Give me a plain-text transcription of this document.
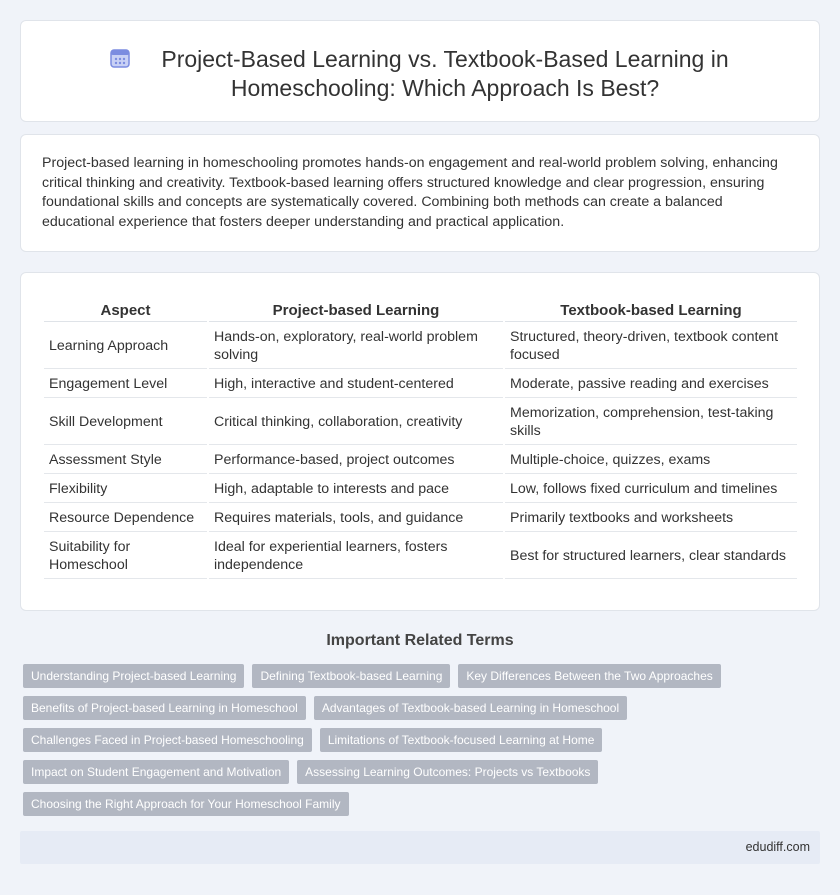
Project-Based Learning vs. Textbook-Based Learning in Homeschooling: Which Approach Is Best?

Project-based learning in homeschooling promotes hands-on engagement and real-world problem solving, enhancing critical thinking and creativity. Textbook-based learning offers structured knowledge and clear progression, ensuring foundational skills and concepts are systematically covered. Combining both methods can create a balanced educational experience that fosters deeper understanding and practical application.

Aspect	Project-based Learning	Textbook-based Learning
Learning Approach	Hands-on, exploratory, real-world problem solving	Structured, theory-driven, textbook content focused
Engagement Level	High, interactive and student-centered	Moderate, passive reading and exercises
Skill Development	Critical thinking, collaboration, creativity	Memorization, comprehension, test-taking skills
Assessment Style	Performance-based, project outcomes	Multiple-choice, quizzes, exams
Flexibility	High, adaptable to interests and pace	Low, follows fixed curriculum and timelines
Resource Dependence	Requires materials, tools, and guidance	Primarily textbooks and worksheets
Suitability for Homeschool	Ideal for experiential learners, fosters independence	Best for structured learners, clear standards
Important Related Terms
Understanding Project-based Learning	Defining Textbook-based Learning	Key Differences Between the Two Approaches
Benefits of Project-based Learning in Homeschool	Advantages of Textbook-based Learning in Homeschool
Challenges Faced in Project-based Homeschooling	Limitations of Textbook-focused Learning at Home
Impact on Student Engagement and Motivation	Assessing Learning Outcomes: Projects vs Textbooks
Choosing the Right Approach for Your Homeschool Family
edudiff.com
